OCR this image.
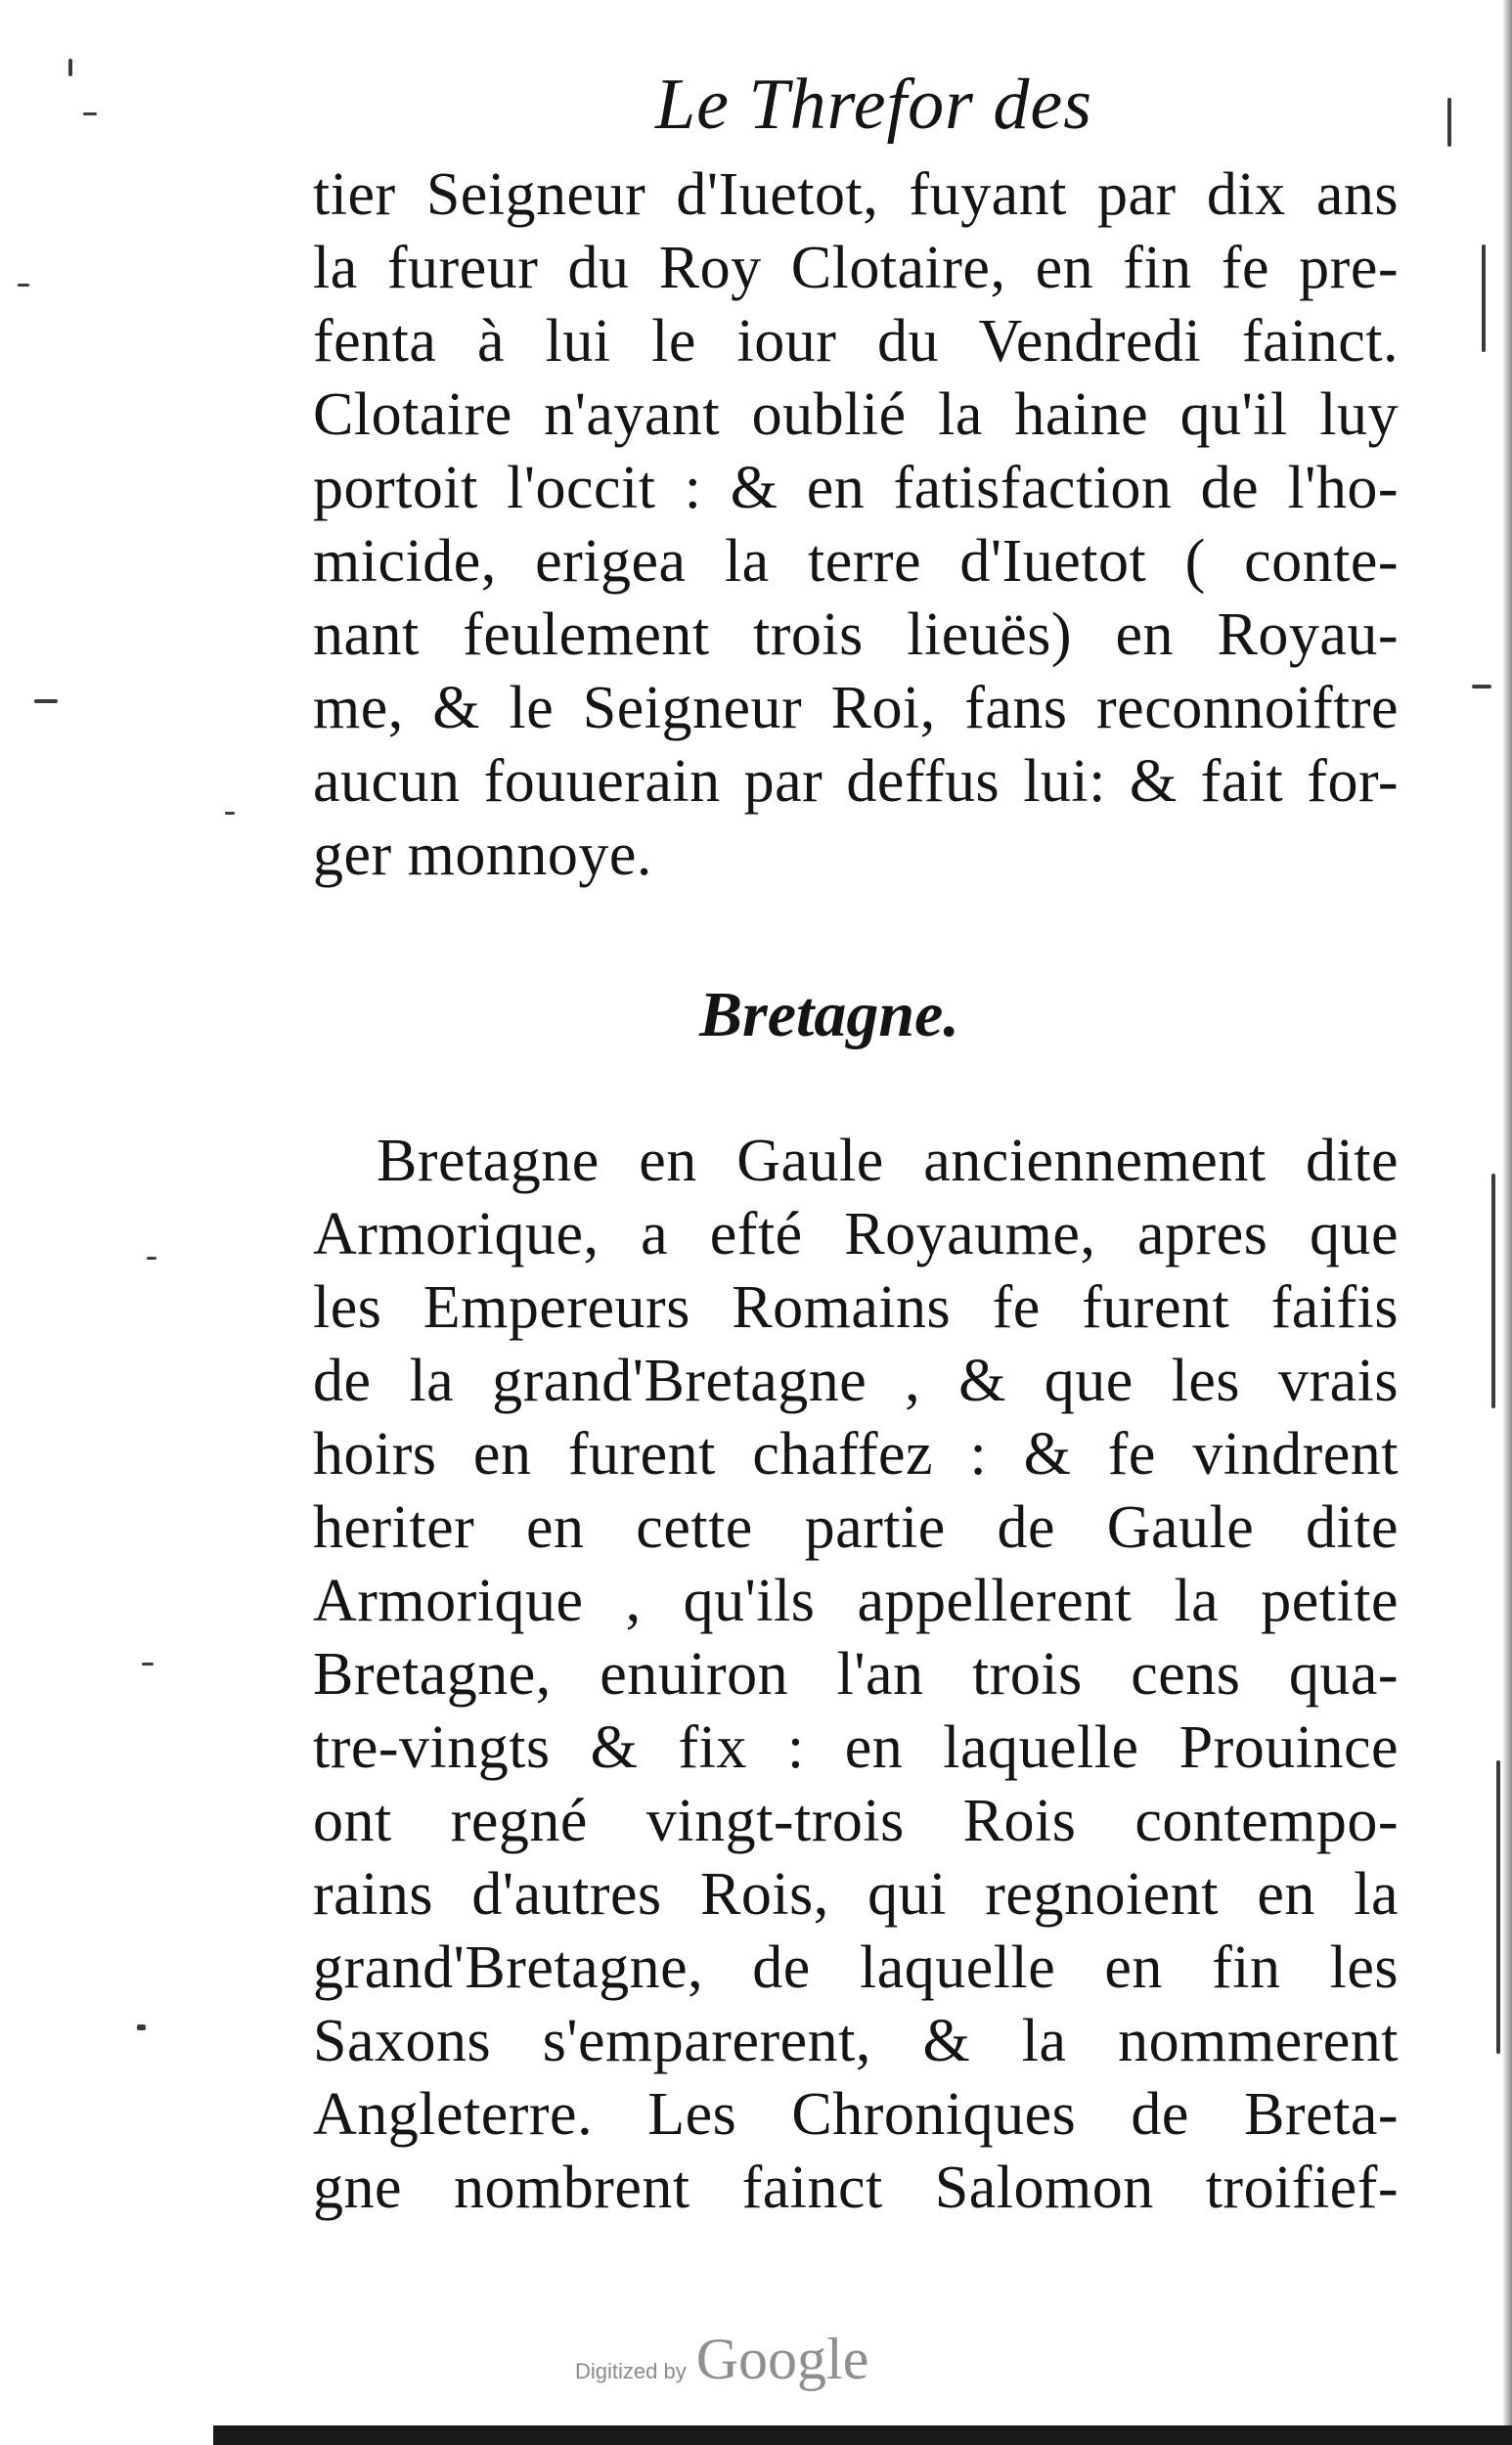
Le Threfor des
tier Seigneur d'Iuetot, fuyant par dix ans
la fureur du Roy Clotaire, en fin fe pre-
fenta à lui le iour du Vendredi fainct.
Clotaire n'ayant oublié la haine qu'il luy
portoit l'occit : & en fatisfaction de l'ho-
micide, erigea la terre d'Iuetot ( conte-
nant feulement trois lieuës) en Royau-
me, & le Seigneur Roi, fans reconnoiftre
aucun fouuerain par deffus lui: & fait for-
ger monnoye.
Bretagne.
Bretagne en Gaule anciennement dite
Armorique, a efté Royaume, apres que
les Empereurs Romains fe furent faifis
de la grand'Bretagne , & que les vrais
hoirs en furent chaffez : & fe vindrent
heriter en cette partie de Gaule dite
Armorique , qu'ils appellerent la petite
Bretagne, enuiron l'an trois cens qua-
tre-vingts & fix : en laquelle Prouince
ont regné vingt-trois Rois contempo-
rains d'autres Rois, qui regnoient en la
grand'Bretagne, de laquelle en fin les
Saxons s'emparerent, & la nommerent
Angleterre. Les Chroniques de Breta-
gne nombrent fainct Salomon troifief-
Digitized by Google
